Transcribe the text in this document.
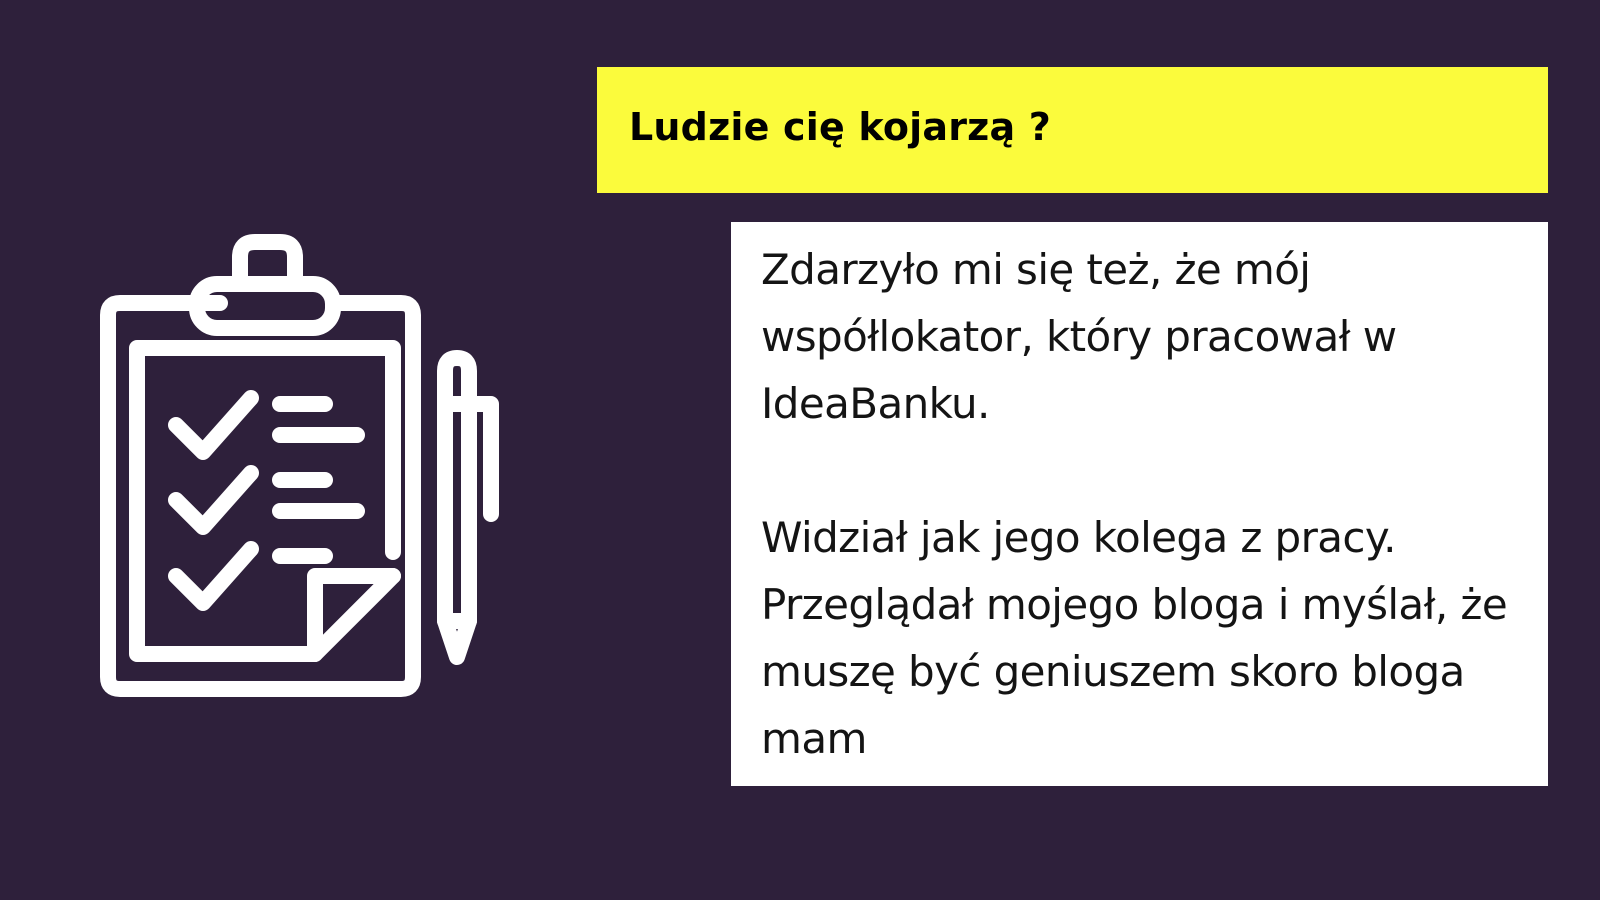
Ludzie cię kojarzą ?

Zdarzyło mi się też, że mój współlokator, który pracował w IdeaBanku.

Widział jak jego kolega z pracy. Przeglądał mojego bloga i myślał, że muszę być geniuszem skoro bloga mam
